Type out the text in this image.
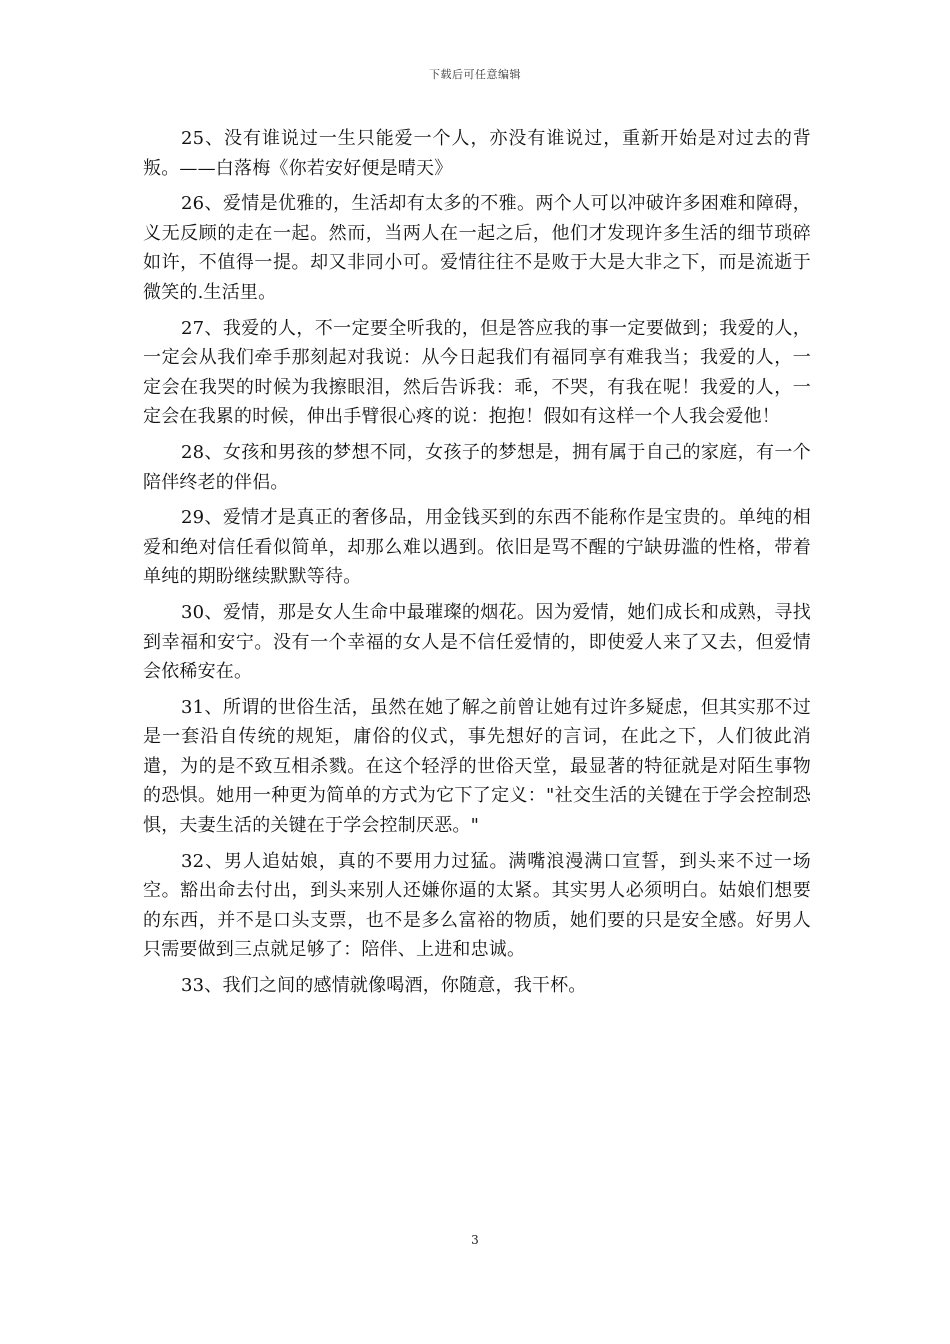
下载后可任意编辑

25、没有谁说过一生只能爱一个人，亦没有谁说过，重新开始是对过去的背叛。——白落梅《你若安好便是晴天》

26、爱情是优雅的，生活却有太多的不雅。两个人可以冲破许多困难和障碍，义无反顾的走在一起。然而，当两人在一起之后，他们才发现许多生活的细节琐碎如许，不值得一提。却又非同小可。爱情往往不是败于大是大非之下，而是流逝于微笑的.生活里。

27、我爱的人，不一定要全听我的，但是答应我的事一定要做到；我爱的人，一定会从我们牵手那刻起对我说：从今日起我们有福同享有难我当；我爱的人，一定会在我哭的时候为我擦眼泪，然后告诉我：乖，不哭，有我在呢！我爱的人，一定会在我累的时候，伸出手臂很心疼的说：抱抱！假如有这样一个人我会爱他！

28、女孩和男孩的梦想不同，女孩子的梦想是，拥有属于自己的家庭，有一个陪伴终老的伴侣。

29、爱情才是真正的奢侈品，用金钱买到的东西不能称作是宝贵的。单纯的相爱和绝对信任看似简单，却那么难以遇到。依旧是骂不醒的宁缺毋滥的性格，带着单纯的期盼继续默默等待。

30、爱情，那是女人生命中最璀璨的烟花。因为爱情，她们成长和成熟，寻找到幸福和安宁。没有一个幸福的女人是不信任爱情的，即使爱人来了又去，但爱情会依稀安在。

31、所谓的世俗生活，虽然在她了解之前曾让她有过许多疑虑，但其实那不过是一套沿自传统的规矩，庸俗的仪式，事先想好的言词，在此之下，人们彼此消遣，为的是不致互相杀戮。在这个轻浮的世俗天堂，最显著的特征就是对陌生事物的恐惧。她用一种更为简单的方式为它下了定义："社交生活的关键在于学会控制恐惧，夫妻生活的关键在于学会控制厌恶。"

32、男人追姑娘，真的不要用力过猛。满嘴浪漫满口宣誓，到头来不过一场空。豁出命去付出，到头来别人还嫌你逼的太紧。其实男人必须明白。姑娘们想要的东西，并不是口头支票，也不是多么富裕的物质，她们要的只是安全感。好男人只需要做到三点就足够了：陪伴、上进和忠诚。

33、我们之间的感情就像喝酒，你随意，我干杯。

3
